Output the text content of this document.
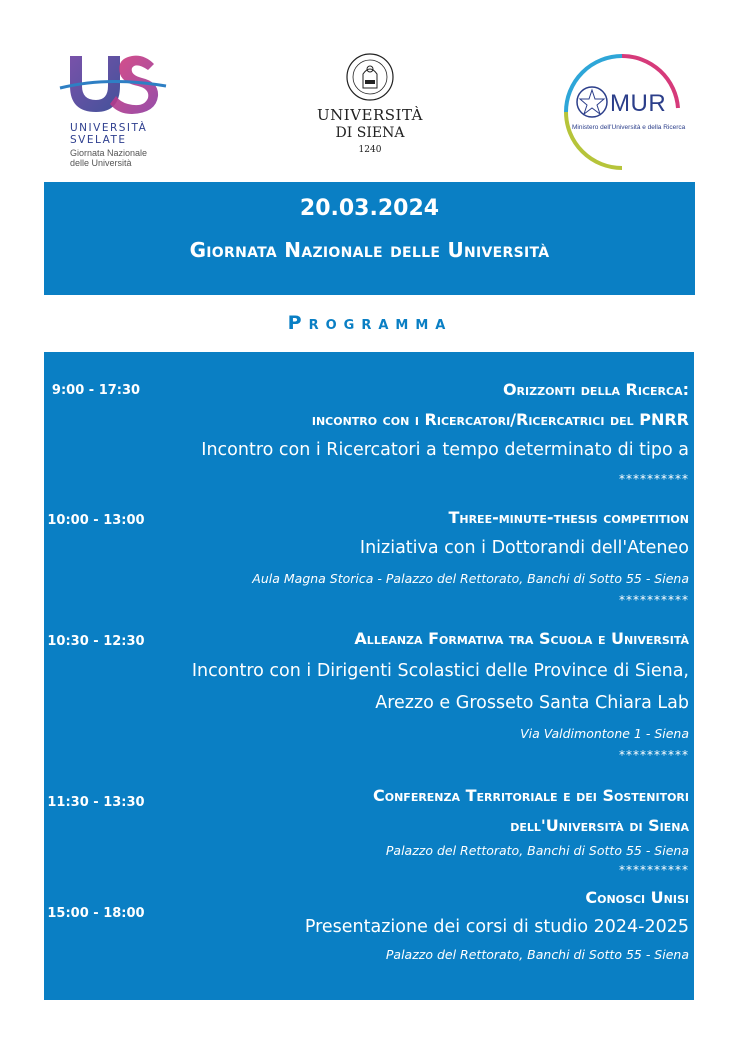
UNIVERSITÀ
SVELATE
Giornata Nazionale
delle Università
UNIVERSITÀ
DI SIENA
1240
MUR
Ministero dell'Università e della Ricerca
20.03.2024
Giornata Nazionale delle Università
Programma
9:00 - 17:30	Orizzonti della Ricerca:
incontro con i Ricercatori/Ricercatrici del PNRR
Incontro con i Ricercatori a tempo determinato di tipo a
**********
10:00 - 13:00	Three-minute-thesis competition
Iniziativa con i Dottorandi dell'Ateneo
Aula Magna Storica - Palazzo del Rettorato, Banchi di Sotto 55 - Siena
**********
10:30 - 12:30	Alleanza Formativa tra Scuola e Università
Incontro con i Dirigenti Scolastici delle Province di Siena,
Arezzo e Grosseto Santa Chiara Lab
Via Valdimontone 1 - Siena
**********
11:30 - 13:30	Conferenza Territoriale e dei Sostenitori
dell'Università di Siena
Palazzo del Rettorato, Banchi di Sotto 55 - Siena
**********
15:00 - 18:00
Conosci Unisi
Presentazione dei corsi di studio 2024-2025
Palazzo del Rettorato, Banchi di Sotto 55 - Siena
